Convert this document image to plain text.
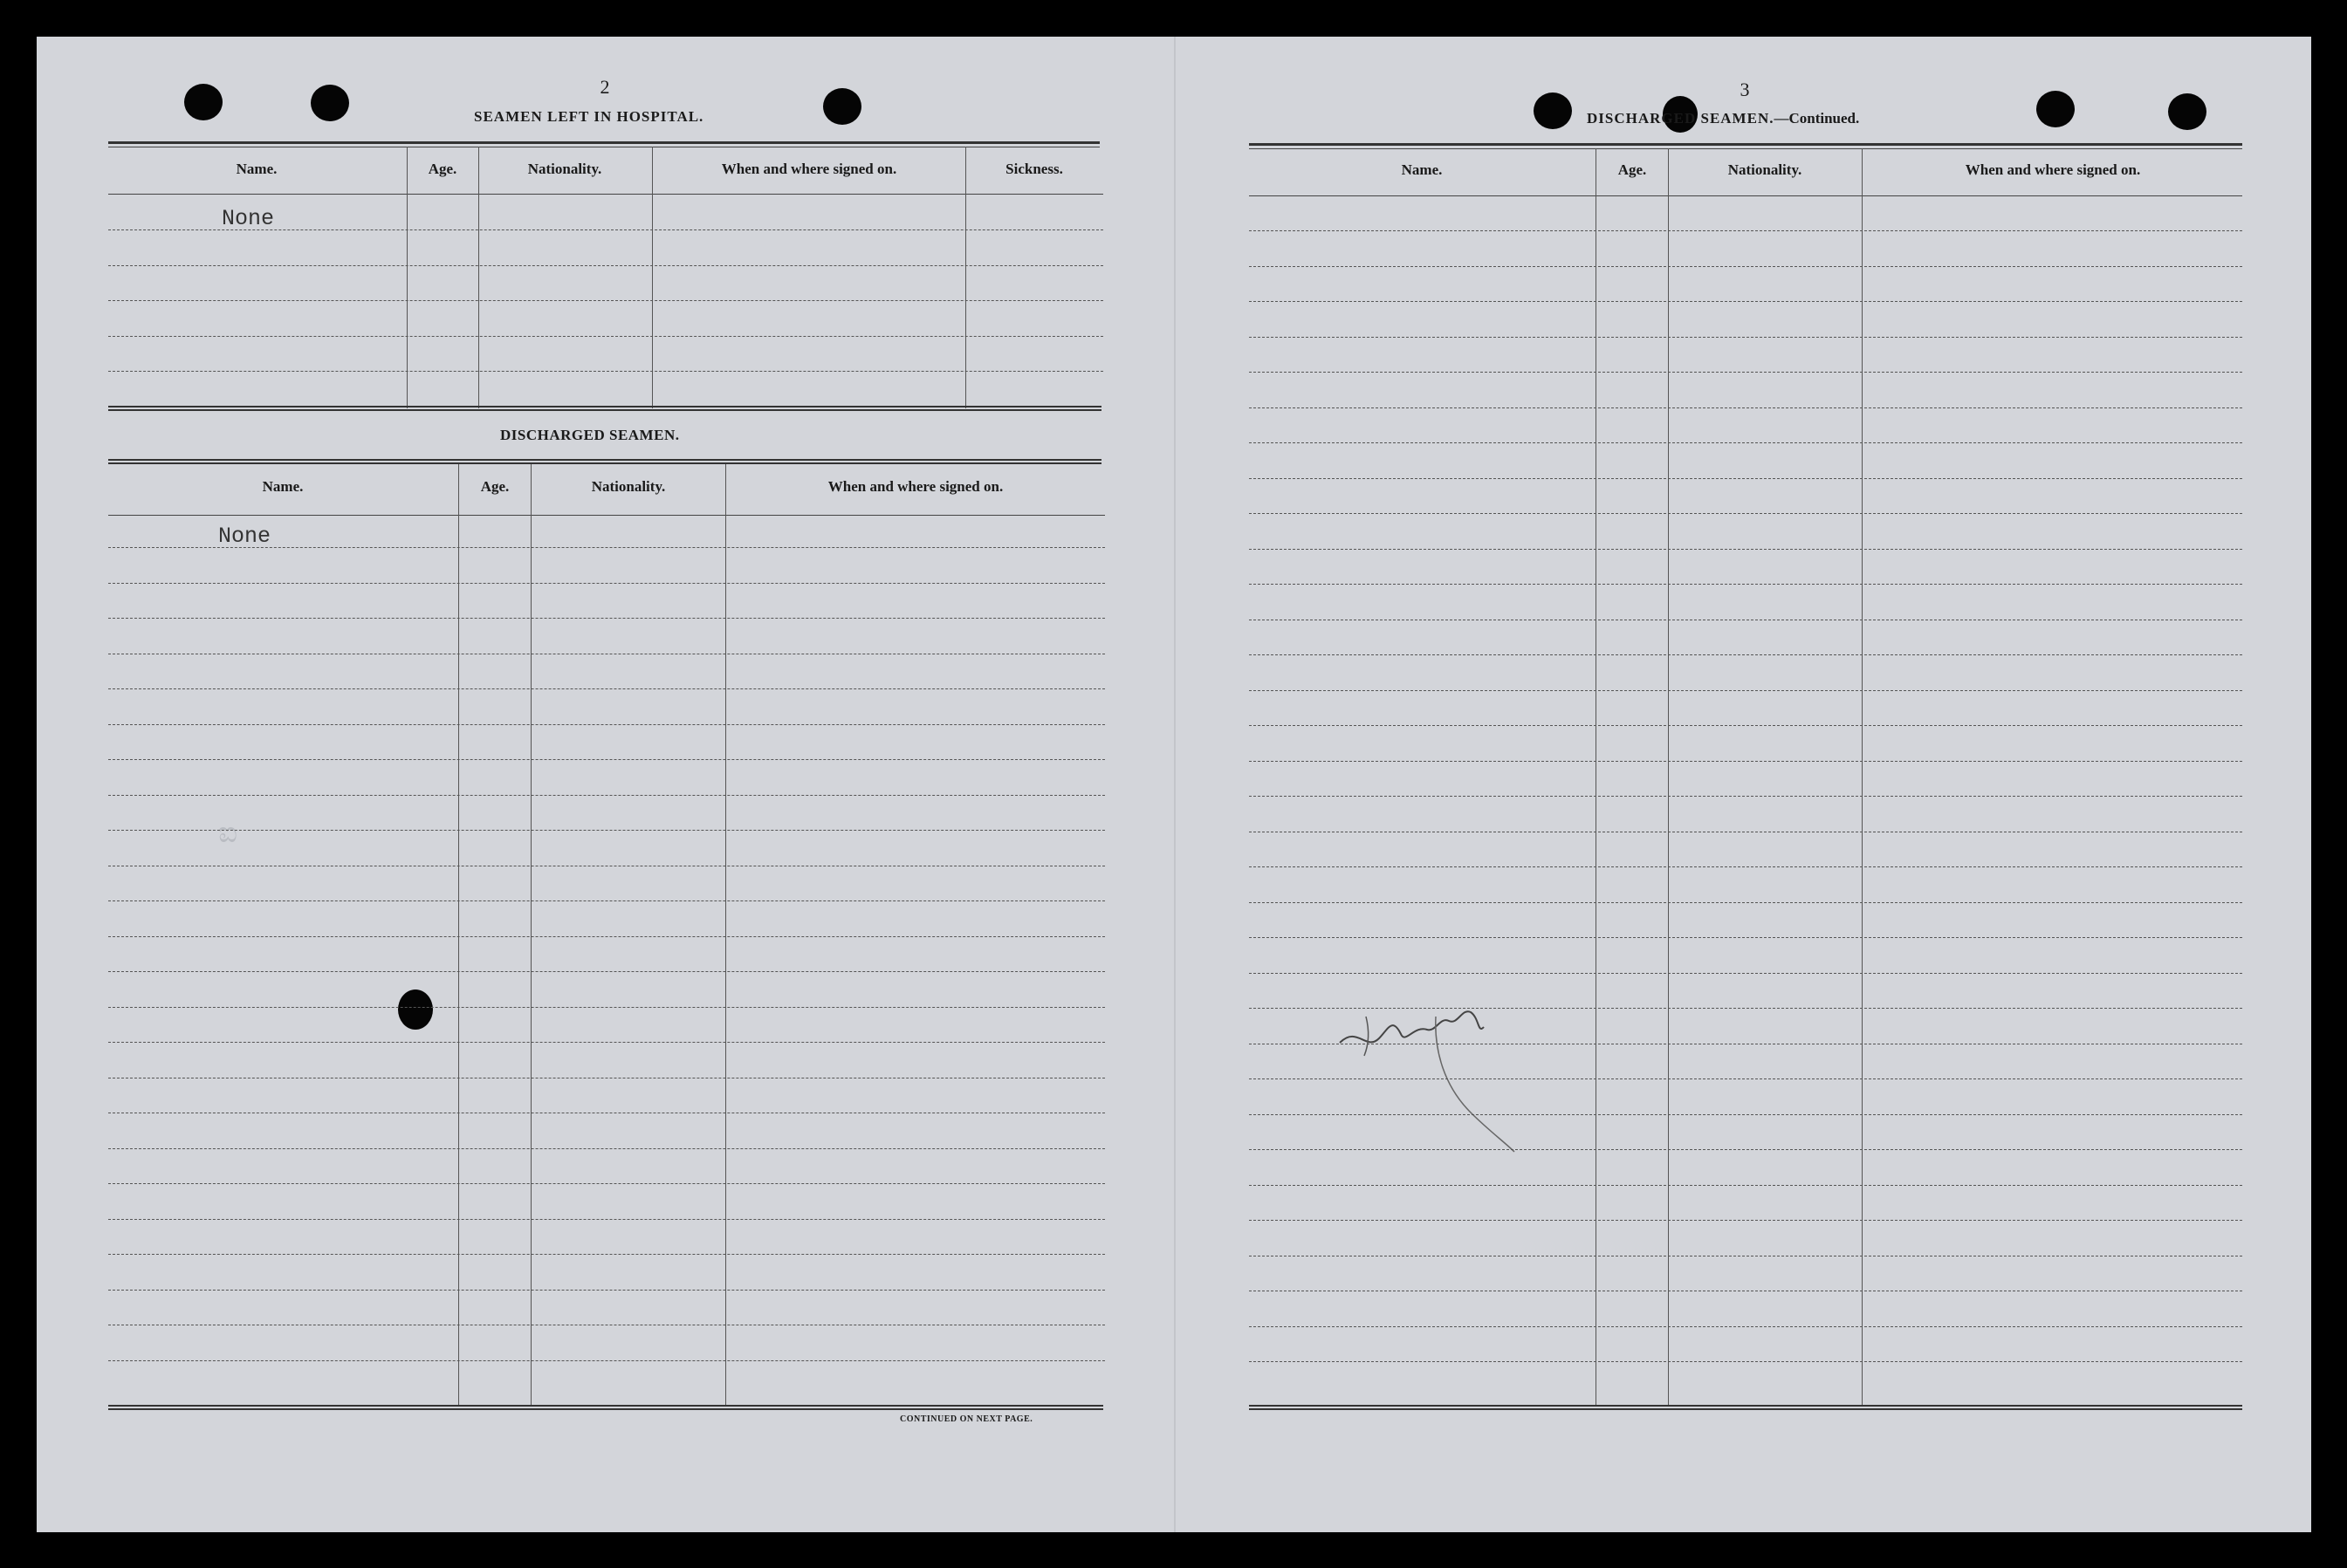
2
SEAMEN LEFT IN HOSPITAL.
Name.	Age.	Nationality.	When and where signed on.	Sickness.
None
DISCHARGED SEAMEN.
Name.	Age.	Nationality.	When and where signed on.
None
ಐ
CONTINUED ON NEXT PAGE.
3
DISCHARGED SEAMEN.—Continued.
Name.	Age.	Nationality.	When and where signed on.
